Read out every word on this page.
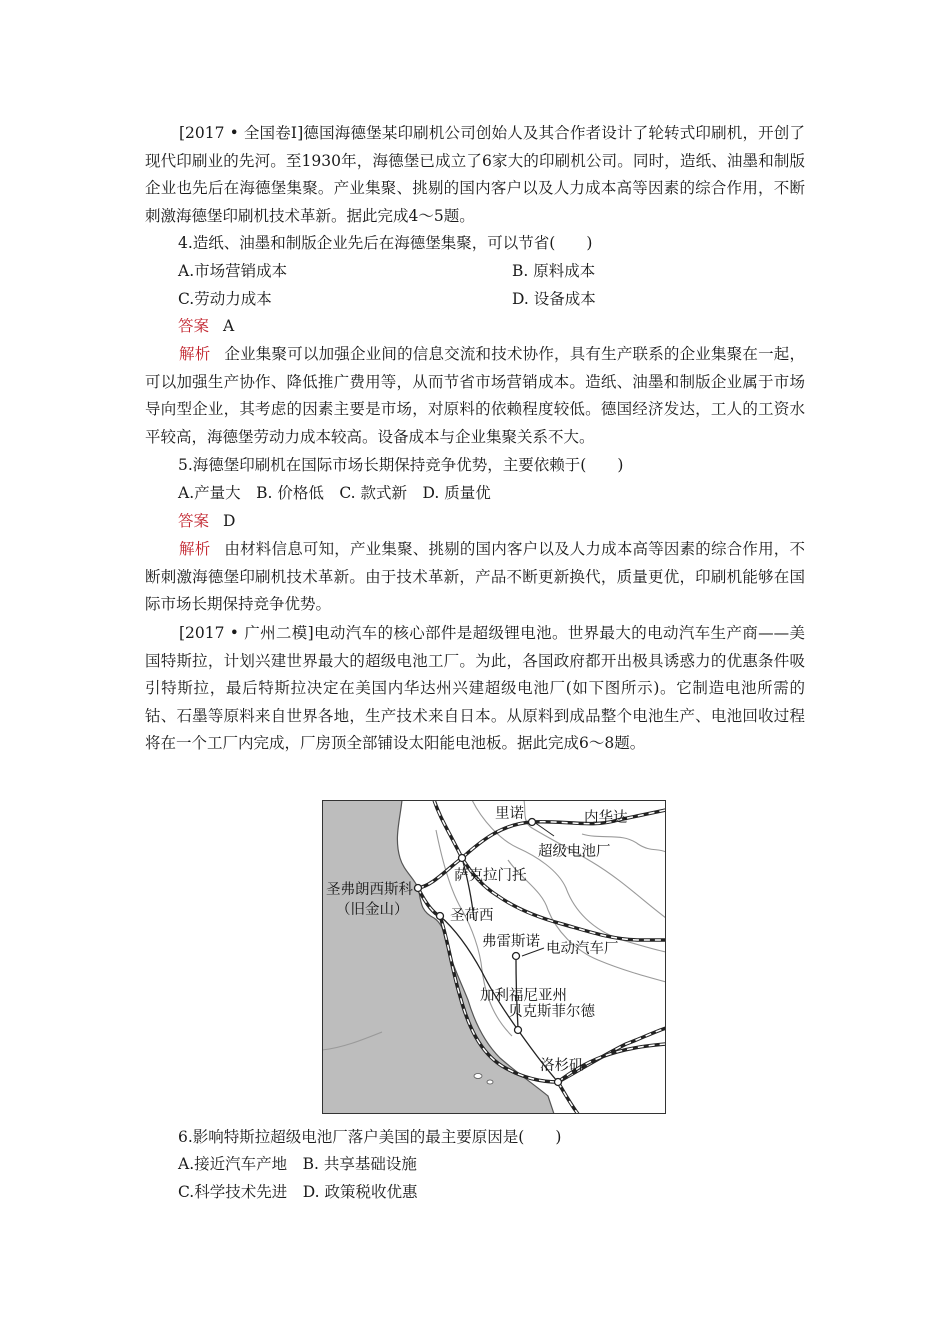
[2017 • 全国卷Ⅰ]德国海德堡某印刷机公司创始人及其合作者设计了轮转式印刷机，开创了现代印刷业的先河。至1930年，海德堡已成立了6家大的印刷机公司。同时，造纸、油墨和制版企业也先后在海德堡集聚。产业集聚、挑剔的国内客户以及人力成本高等因素的综合作用，不断刺激海德堡印刷机技术革新。据此完成4～5题。

4.造纸、油墨和制版企业先后在海德堡集聚，可以节省(　　)
A.市场营销成本	B. 原料成本
C.劳动力成本	D. 设备成本
答案 A

解析 企业集聚可以加强企业间的信息交流和技术协作，具有生产联系的企业集聚在一起，可以加强生产协作、降低推广费用等，从而节省市场营销成本。造纸、油墨和制版企业属于市场导向型企业，其考虑的因素主要是市场，对原料的依赖程度较低。德国经济发达，工人的工资水平较高，海德堡劳动力成本较高。设备成本与企业集聚关系不大。

5.海德堡印刷机在国际市场长期保持竞争优势，主要依赖于(　　)
A.产量大　B. 价格低　C. 款式新　D. 质量优
答案 D

解析 由材料信息可知，产业集聚、挑剔的国内客户以及人力成本高等因素的综合作用，不断刺激海德堡印刷机技术革新。由于技术革新，产品不断更新换代，质量更优，印刷机能够在国际市场长期保持竞争优势。

[2017 • 广州二模]电动汽车的核心部件是超级锂电池。世界最大的电动汽车生产商——美国特斯拉，计划兴建世界最大的超级电池工厂。为此，各国政府都开出极具诱惑力的优惠条件吸引特斯拉，最后特斯拉决定在美国内华达州兴建超级电池厂(如下图所示)。它制造电池所需的钴、石墨等原料来自世界各地，生产技术来自日本。从原料到成品整个电池生产、电池回收过程将在一个工厂内完成，厂房顶全部铺设太阳能电池板。据此完成6～8题。

里诺	内华达
超级电池厂
萨克拉门托
圣弗朗西斯科
（旧金山）	圣荷西
弗雷斯诺 电动汽车厂
加利福尼亚州
贝克斯菲尔德
洛杉矶
6.影响特斯拉超级电池厂落户美国的最主要原因是(　　)
A.接近汽车产地　B. 共享基础设施
C.科学技术先进　D. 政策税收优惠
